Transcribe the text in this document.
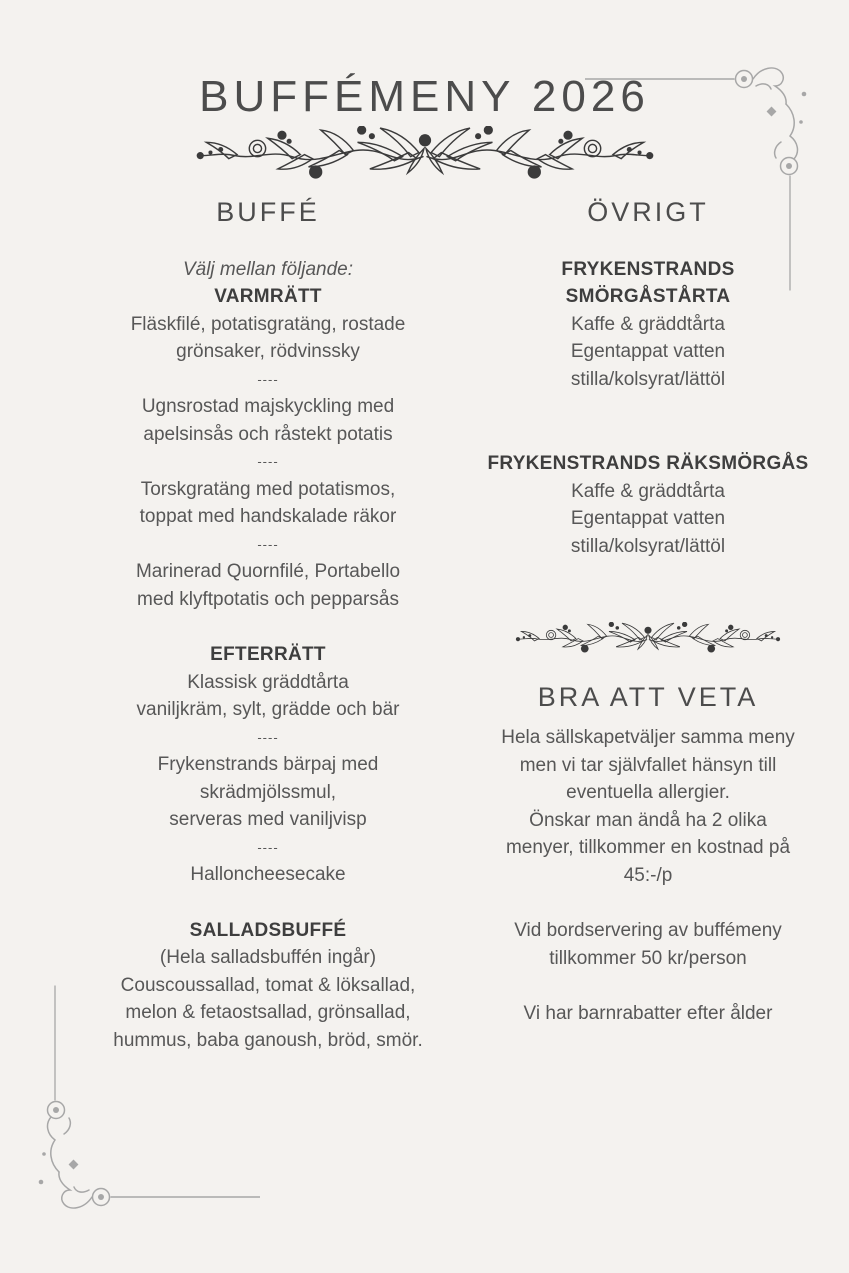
BUFFÉMENY 2026
BUFFÉ
Välj mellan följande:
VARMRÄTT
Fläskfilé, potatisgratäng, rostade
grönsaker, rödvinssky
----
Ugnsrostad majskyckling med
apelsinsås och råstekt potatis
----
Torskgratäng med potatismos,
toppat med handskalade räkor
----
Marinerad Quornfilé, Portabello
med klyftpotatis och pepparsås
EFTERRÄTT
Klassisk gräddtårta
vaniljkräm, sylt, grädde och bär
----
Frykenstrands bärpaj med
skrädmjölssmul,
serveras med vaniljvisp
----
Halloncheesecake
SALLADSBUFFÉ
(Hela salladsbuffén ingår)
Couscoussallad, tomat & löksallad,
melon & fetaostsallad, grönsallad,
hummus, baba ganoush, bröd, smör.
ÖVRIGT
FRYKENSTRANDS
SMÖRGÅSTÅRTA
Kaffe & gräddtårta
Egentappat vatten
stilla/kolsyrat/lättöl
FRYKENSTRANDS RÄKSMÖRGÅS
Kaffe & gräddtårta
Egentappat vatten
stilla/kolsyrat/lättöl
BRA ATT VETA
Hela sällskapetväljer samma meny
men vi tar självfallet hänsyn till
eventuella allergier.
Önskar man ändå ha 2 olika
menyer, tillkommer en kostnad på
45:-/p
Vid bordservering av buffémeny
tillkommer 50 kr/person
Vi har barnrabatter efter ålder
